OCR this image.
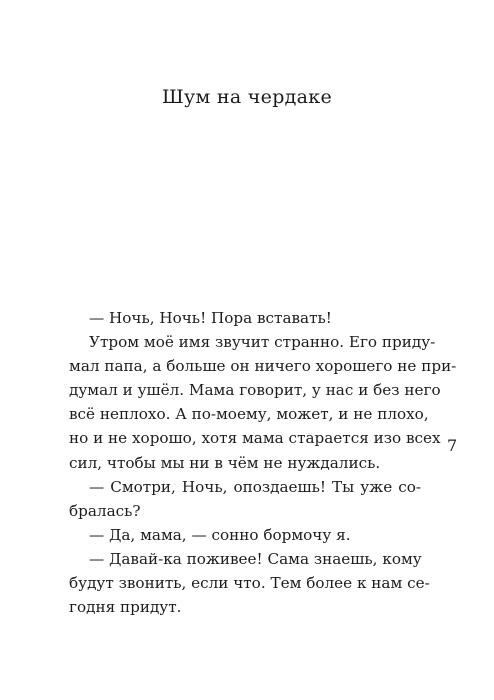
Шум на чердаке
— Ночь, Ночь! Пора вставать!
Утром моё имя звучит странно. Его приду-
мал папа, а больше он ничего хорошего не при-
думал и ушёл. Мама говорит, у нас и без него
всё неплохо. А по-моему, может, и не плохо,
но и не хорошо, хотя мама старается изо всех
сил, чтобы мы ни в чём не нуждались.
— Смотри, Ночь, опоздаешь! Ты уже со-
бралась?
— Да, мама, — сонно бормочу я.
— Давай-ка поживее! Сама знаешь, кому
будут звонить, если что. Тем более к нам се-
годня придут.
7
